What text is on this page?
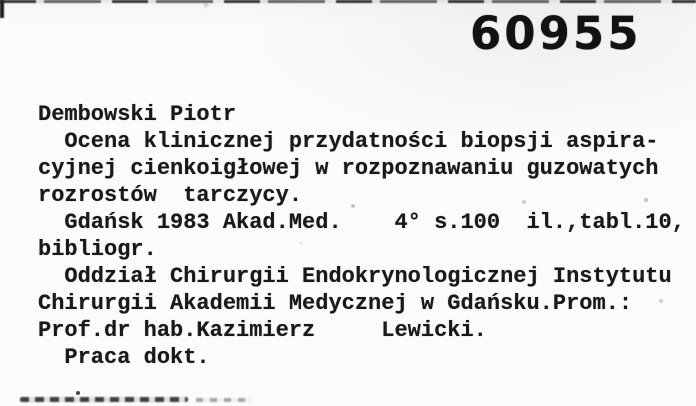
60955
Dembowski Piotr
Ocena klinicznej przydatności biopsji aspira-
cyjnej cienkoigłowej w rozpoznawaniu guzowatych
rozrostów  tarczycy.
Gdańsk 1983 Akad.Med.    4° s.100  il.,tabl.10,
bibliogr.
Oddział Chirurgii Endokrynologicznej Instytutu
Chirurgii Akademii Medycznej w Gdańsku.Prom.:
Prof.dr hab.Kazimierz     Lewicki.
Praca dokt.
